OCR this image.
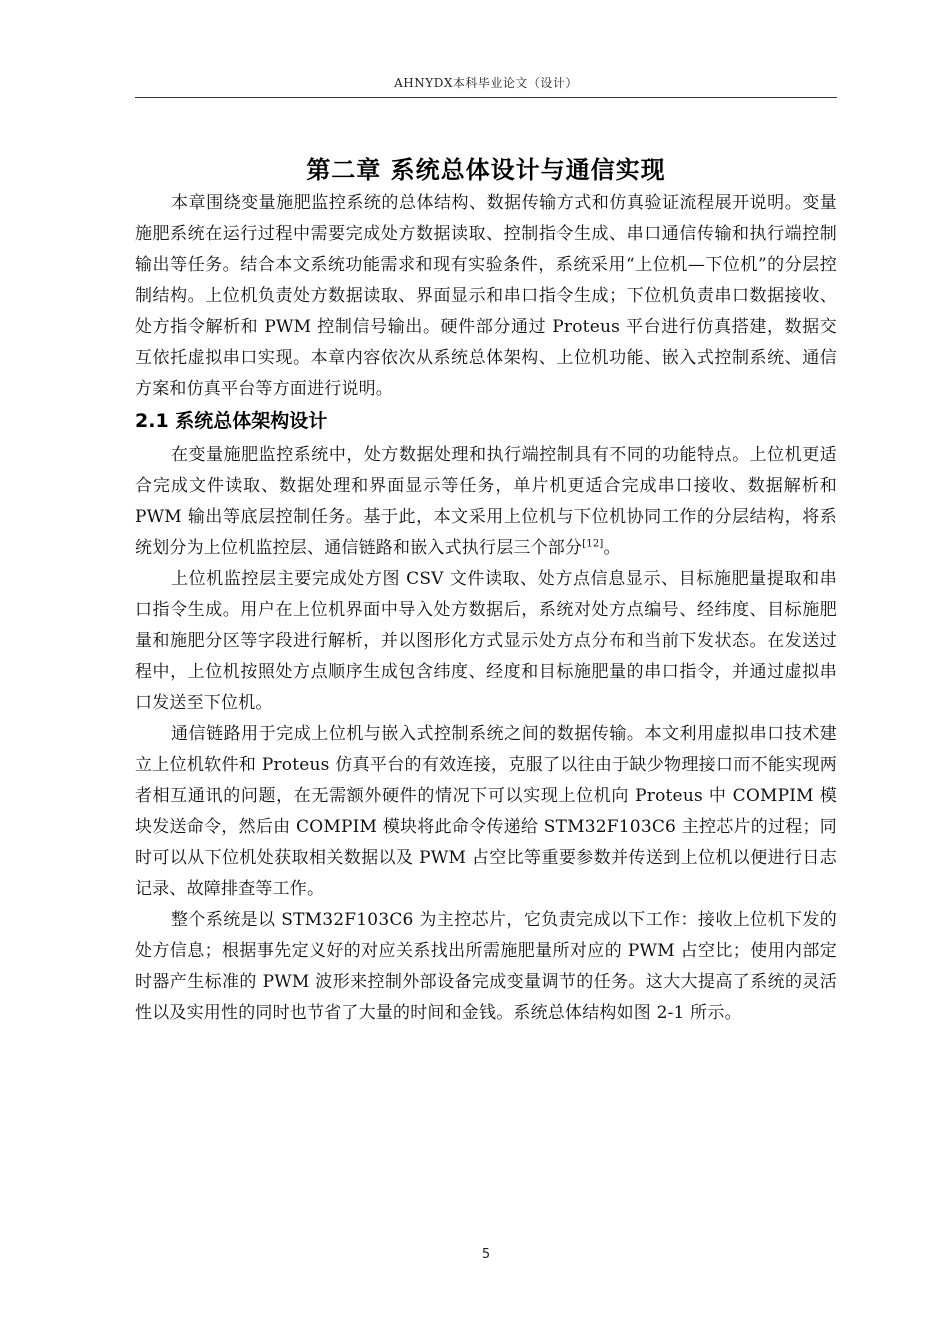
AHNYDX本科毕业论文（设计）
第二章 系统总体设计与通信实现

本章围绕变量施肥监控系统的总体结构、数据传输方式和仿真验证流程展开说明。变量施肥系统在运行过程中需要完成处方数据读取、控制指令生成、串口通信传输和执行端控制输出等任务。结合本文系统功能需求和现有实验条件，系统采用“上位机—下位机”的分层控制结构。上位机负责处方数据读取、界面显示和串口指令生成；下位机负责串口数据接收、处方指令解析和 PWM 控制信号输出。硬件部分通过 Proteus 平台进行仿真搭建，数据交互依托虚拟串口实现。本章内容依次从系统总体架构、上位机功能、嵌入式控制系统、通信方案和仿真平台等方面进行说明。

2.1 系统总体架构设计

在变量施肥监控系统中，处方数据处理和执行端控制具有不同的功能特点。上位机更适合完成文件读取、数据处理和界面显示等任务，单片机更适合完成串口接收、数据解析和 PWM 输出等底层控制任务。基于此，本文采用上位机与下位机协同工作的分层结构，将系统划分为上位机监控层、通信链路和嵌入式执行层三个部分[12]。

上位机监控层主要完成处方图 CSV 文件读取、处方点信息显示、目标施肥量提取和串口指令生成。用户在上位机界面中导入处方数据后，系统对处方点编号、经纬度、目标施肥量和施肥分区等字段进行解析，并以图形化方式显示处方点分布和当前下发状态。在发送过程中，上位机按照处方点顺序生成包含纬度、经度和目标施肥量的串口指令，并通过虚拟串口发送至下位机。

通信链路用于完成上位机与嵌入式控制系统之间的数据传输。本文利用虚拟串口技术建立上位机软件和 Proteus 仿真平台的有效连接，克服了以往由于缺少物理接口而不能实现两者相互通讯的问题，在无需额外硬件的情况下可以实现上位机向 Proteus 中 COMPIM 模块发送命令，然后由 COMPIM 模块将此命令传递给 STM32F103C6 主控芯片的过程；同时可以从下位机处获取相关数据以及 PWM 占空比等重要参数并传送到上位机以便进行日志记录、故障排查等工作。

整个系统是以 STM32F103C6 为主控芯片，它负责完成以下工作：接收上位机下发的处方信息；根据事先定义好的对应关系找出所需施肥量所对应的 PWM 占空比；使用内部定时器产生标准的 PWM 波形来控制外部设备完成变量调节的任务。这大大提高了系统的灵活性以及实用性的同时也节省了大量的时间和金钱。系统总体结构如图 2-1 所示。

5
